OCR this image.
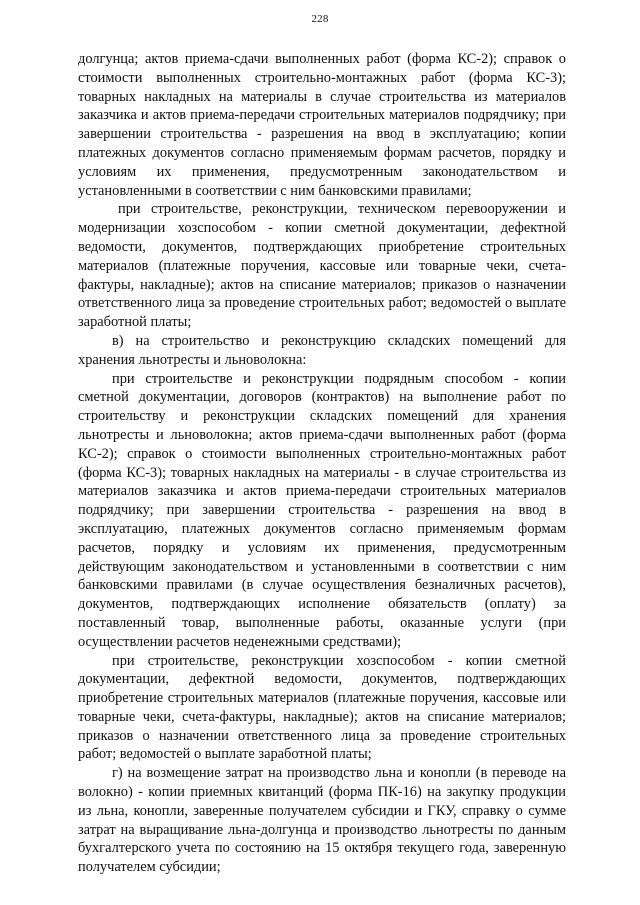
228

долгунца; актов приема-сдачи выполненных работ (форма КС-2); справок о стоимости выполненных строительно-монтажных работ (форма КС-3); товарных накладных на материалы в случае строительства из материалов заказчика и актов приема-передачи строительных материалов подрядчику; при завершении строительства - разрешения на ввод в эксплуатацию; копии платежных документов согласно применяемым формам расчетов, порядку и условиям их применения, предусмотренным законодательством и установленными в соответствии с ним банковскими правилами;

при строительстве, реконструкции, техническом перевооружении и модернизации хозспособом - копии сметной документации, дефектной ведомости, документов, подтверждающих приобретение строительных материалов (платежные поручения, кассовые или товарные чеки, счета-фактуры, накладные); актов на списание материалов; приказов о назначении ответственного лица за проведение строительных работ; ведомостей о выплате заработной платы;

в) на строительство и реконструкцию складских помещений для хранения льнотресты и льноволокна:

при строительстве и реконструкции подрядным способом - копии сметной документации, договоров (контрактов) на выполнение работ по строительству и реконструкции складских помещений для хранения льнотресты и льноволокна; актов приема-сдачи выполненных работ (форма КС-2); справок о стоимости выполненных строительно-монтажных работ (форма КС-3); товарных накладных на материалы - в случае строительства из материалов заказчика и актов приема-передачи строительных материалов подрядчику; при завершении строительства - разрешения на ввод в эксплуатацию, платежных документов согласно применяемым формам расчетов, порядку и условиям их применения, предусмотренным действующим законодательством и установленными в соответствии с ним банковскими правилами (в случае осуществления безналичных расчетов), документов, подтверждающих исполнение обязательств (оплату) за поставленный товар, выполненные работы, оказанные услуги (при осуществлении расчетов неденежными средствами);

при строительстве, реконструкции хозспособом - копии сметной документации, дефектной ведомости, документов, подтверждающих приобретение строительных материалов (платежные поручения, кассовые или товарные чеки, счета-фактуры, накладные); актов на списание материалов; приказов о назначении ответственного лица за проведение строительных работ; ведомостей о выплате заработной платы;

г) на возмещение затрат на производство льна и конопли (в переводе на волокно) - копии приемных квитанций (форма ПК-16) на закупку продукции из льна, конопли, заверенные получателем субсидии и ГКУ, справку о сумме затрат на выращивание льна-долгунца и производство льнотресты по данным бухгалтерского учета по состоянию на 15 октября текущего года, заверенную получателем субсидии;
